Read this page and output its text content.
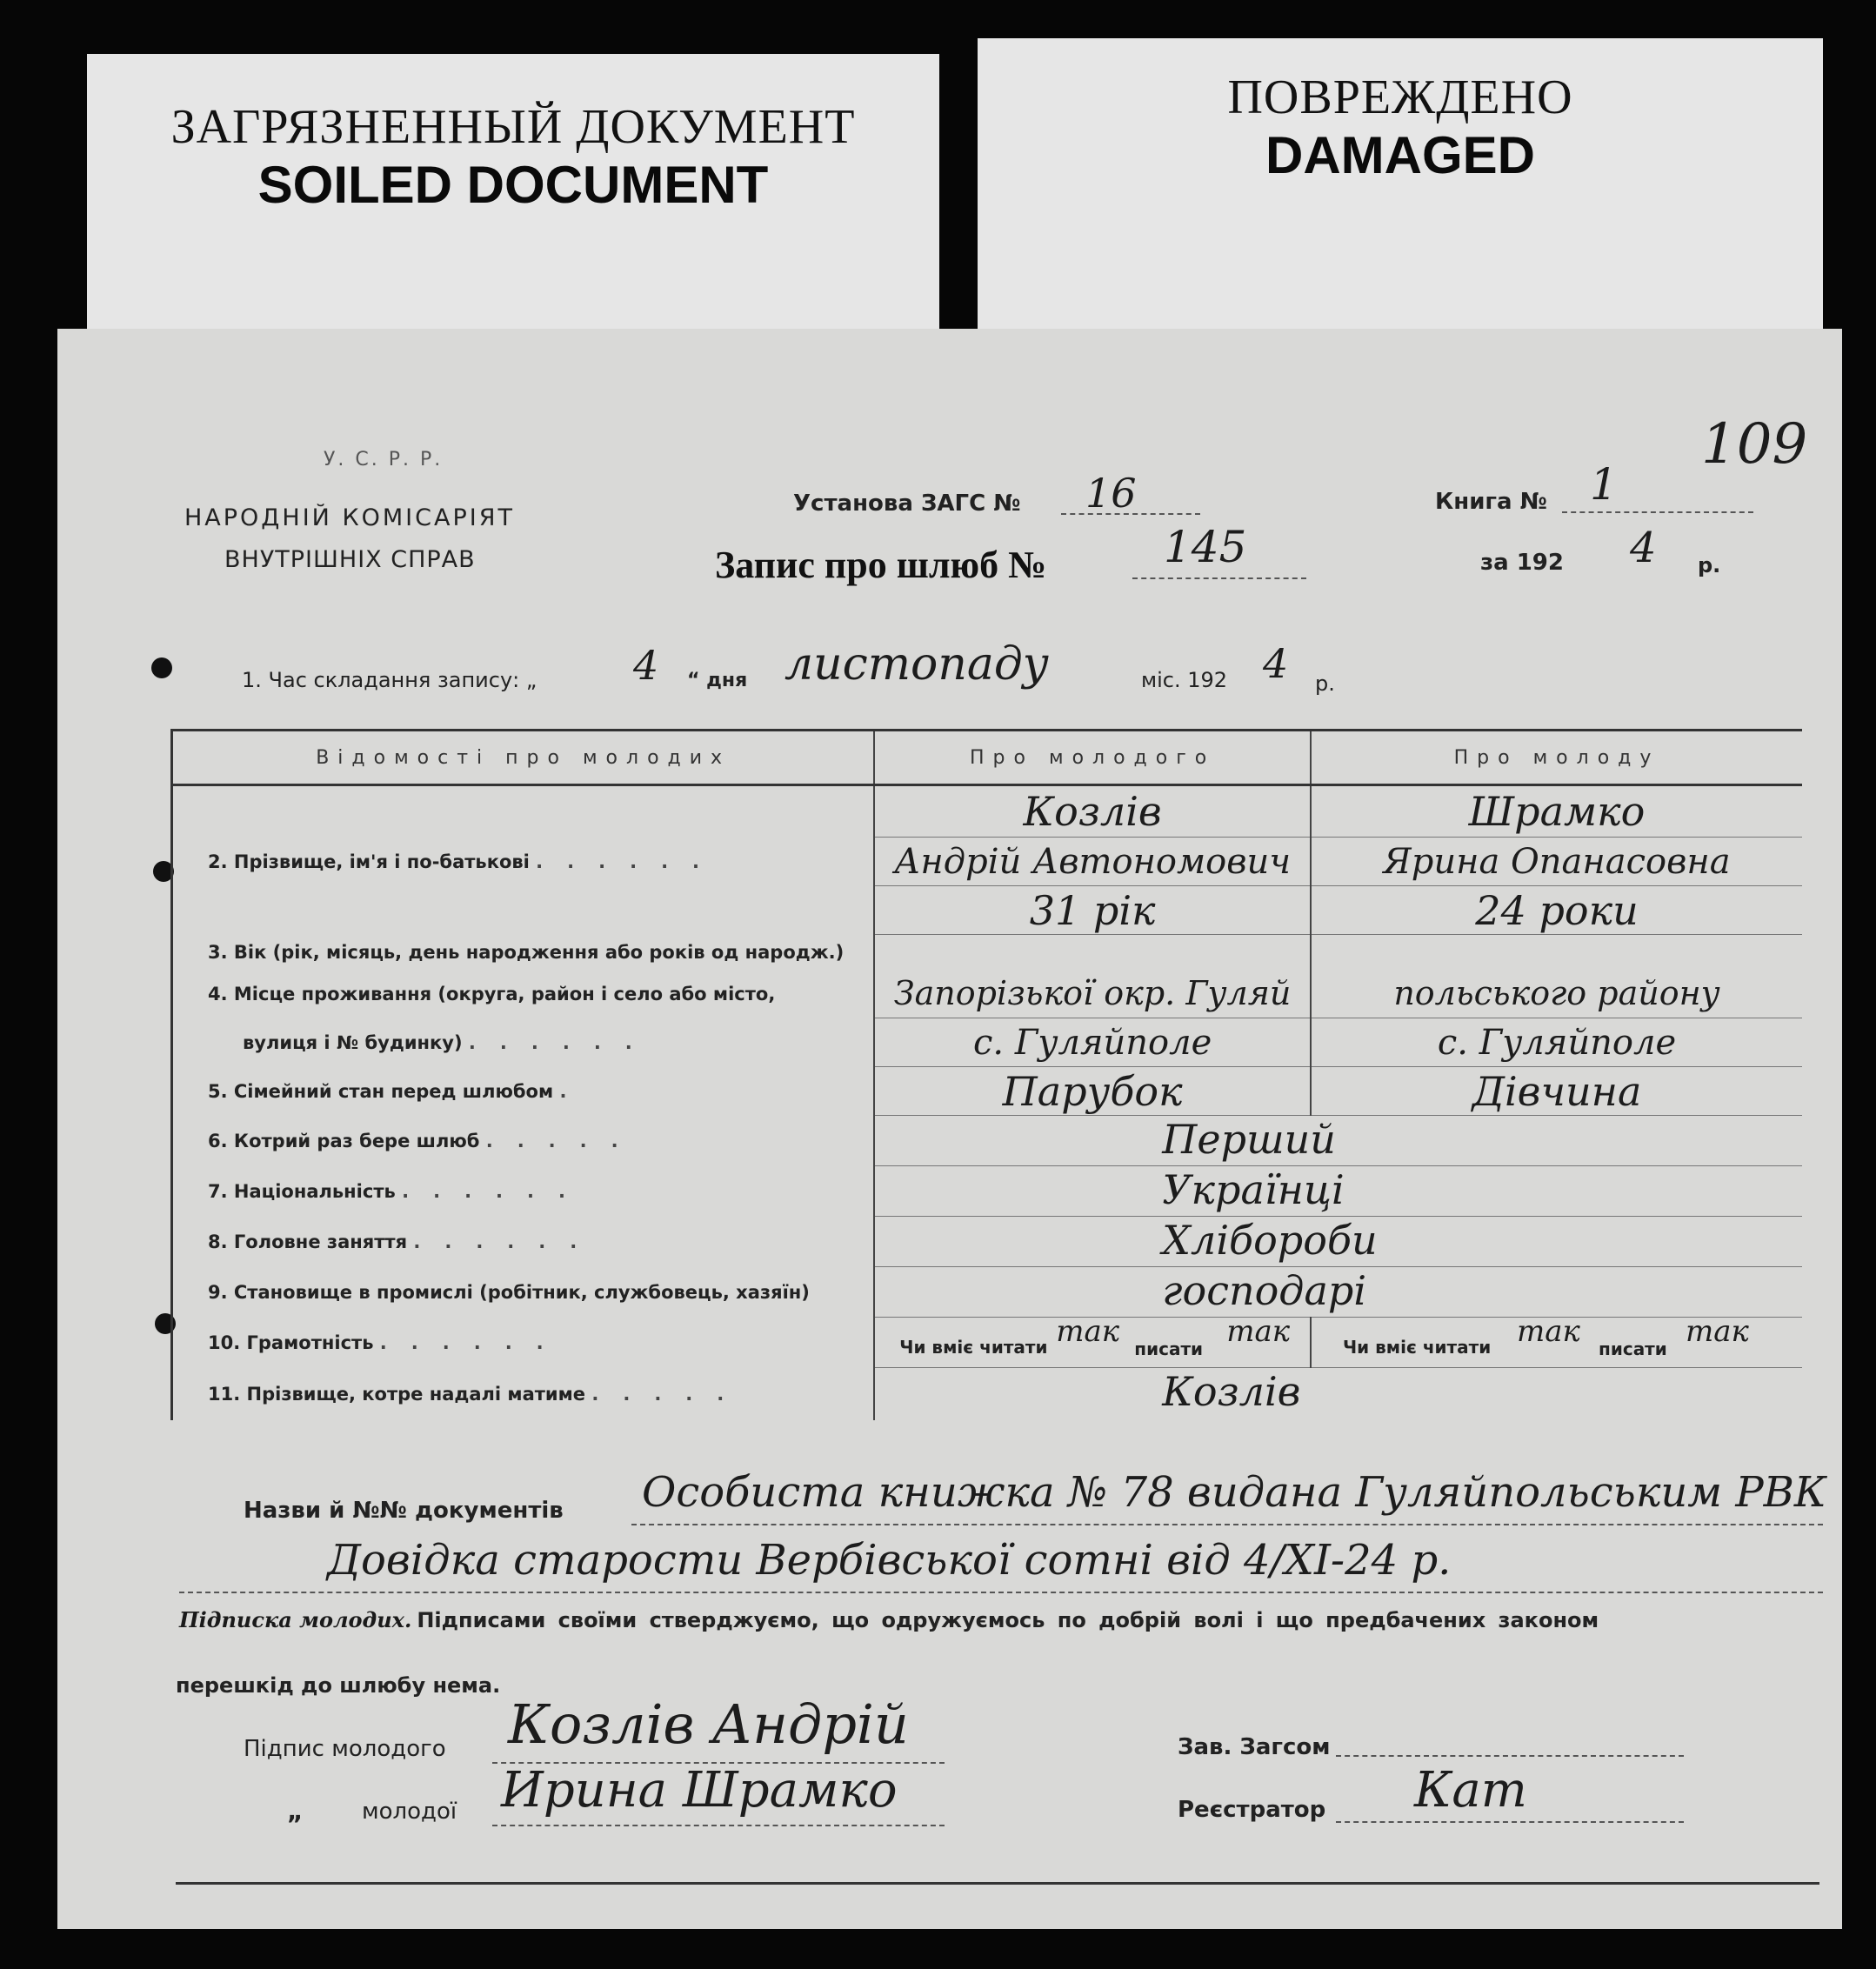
ЗАГРЯЗНЕННЫЙ ДОКУМЕНТ
SOILED DOCUMENT
ПОВРЕЖДЕНО
DAMAGED
109
У. С. Р. Р.
НАРОДНІЙ КОМІСАРІЯТ
ВНУТРІШНІХ СПРАВ
Установа ЗАГС № 16
Запис про шлюб №	145
Книга № 1
за 192 4 р.
1. Час складання запису: „ 4 “ дня листопаду	міс. 192 4 р.
Відомості про молодих	Про молодого	Про молоду
	Козлів	Шрамко
2. Прізвище, ім'я і по-батькові ......	Андрій Автономович	Ярина Опанасовна
	31 рік	24 роки
3. Вік (рік, місяць, день народження або років од народж.)		
4. Місце проживання (округа, район і село або місто,	Запорізької окр. Гуляй	польського району
вулиця і № будинку) ......	с. Гуляйполе	с. Гуляйполе
5. Сімейний стан перед шлюбом .	Парубок	Дівчина
6. Котрий раз бере шлюб .....	Перший	

7. Національність ......	Українці	

8. Головне заняття ......	Хлібороби	

9. Становище в промислі (робітник, службовець, хазяїн)	господарі	

10. Грамотність ......	Чи вміє читати так писати так	Чи вміє читати так писати так

11. Прізвище, котре надалі матиме .....	Козлів	
Назви й №№ документів Особиста книжка № 78 видана Гуляйпольським РВК
Довідка старости Вербівської сотні від 4/XI-24 р.
Підписка молодих. Підписами своїми стверджуємо, що одружуємось по добрій волі і що предбачених законом
перешкід до шлюбу нема.
Підпис молодого Козлів Андрій
„	молодої Ирина Шрамко
Зав. Загсом
Реєстратор Кат
